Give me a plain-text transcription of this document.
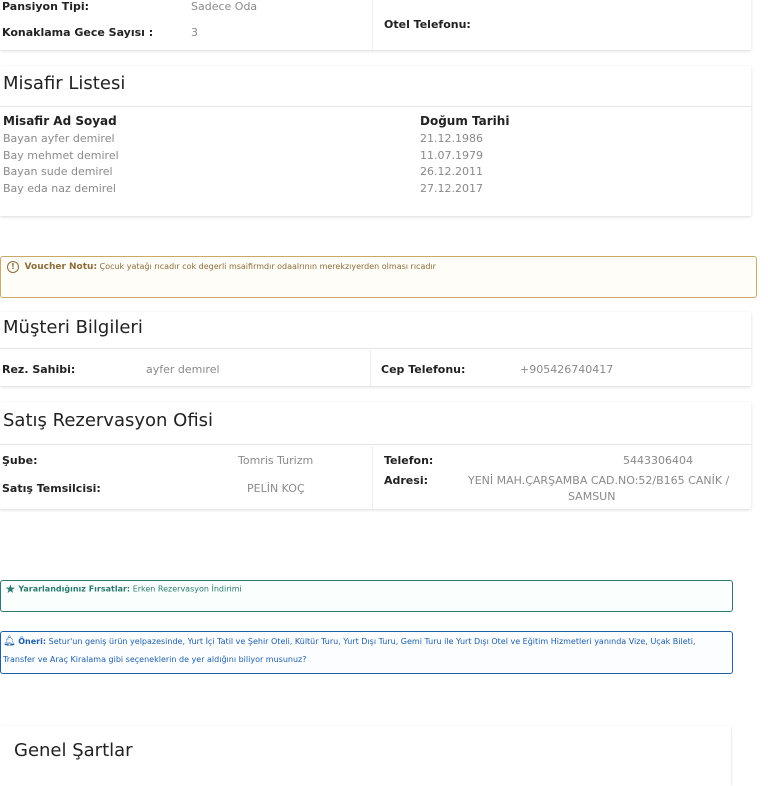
Pansiyon Tipi:	Sadece Oda
Konaklama Gece Sayısı :	3
Otel Telefonu:
Misafir Listesi
Misafir Ad Soyad	Doğum Tarihi
Bayan ayfer demirel	21.12.1986
Bay mehmet demirel	11.07.1979
Bayan sude demirel	26.12.2011
Bay eda naz demirel	27.12.2017
! Voucher Notu: Çocuk yatağı rıcadır cok degerli msaifirmdır odaalrının merekzıyerden olması rıcadır
Müşteri Bilgileri
Rez. Sahibi:	ayfer demırel	Cep Telefonu:	+905426740417
Satış Rezervasyon Ofisi
Şube:	Tomris Turizm
Satış Temsilcisi:	PELİN KOÇ
Telefon:	5443306404
Adresi:	YENİ MAH.ÇARŞAMBA CAD.NO:52/B165 CANİK /
SAMSUN
★ Yararlandığınız Fırsatlar: Erken Rezervasyon İndirimi
🔔︎ Öneri: Setur'un geniş ürün yelpazesinde, Yurt İçi Tatil ve Şehir Oteli, Kültür Turu, Yurt Dışı Turu, Gemi Turu ile Yurt Dışı Otel ve Eğitim Hizmetleri yanında Vize, Uçak Bileti,
Transfer ve Araç Kiralama gibi seçeneklerin de yer aldığını biliyor musunuz?
Genel Şartlar
